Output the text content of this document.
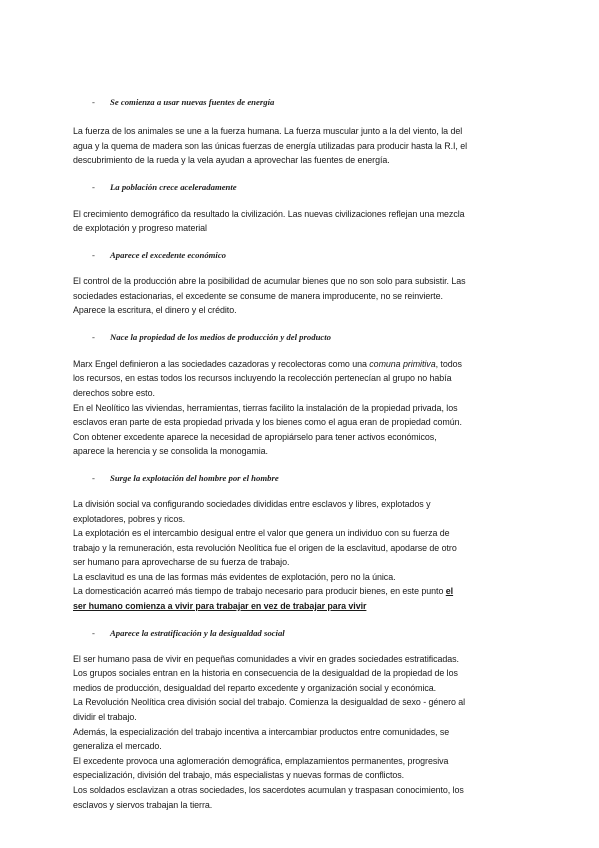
- Se comienza a usar nuevas fuentes de energía
La fuerza de los animales se une a la fuerza humana. La fuerza muscular junto a la del viento, la del
agua y la quema de madera son las únicas fuerzas de energía utilizadas para producir hasta la R.I, el
descubrimiento de la rueda y la vela ayudan a aprovechar las fuentes de energía.
- La población crece aceleradamente
El crecimiento demográfico da resultado la civilización. Las nuevas civilizaciones reflejan una mezcla
de explotación y progreso material
- Aparece el excedente económico
El control de la producción abre la posibilidad de acumular bienes que no son solo para subsistir. Las
sociedades estacionarias, el excedente se consume de manera improducente, no se reinvierte.
Aparece la escritura, el dinero y el crédito.
- Nace la propiedad de los medios de producción y del producto
Marx Engel definieron a las sociedades cazadoras y recolectoras como una comuna primitiva, todos
los recursos, en estas todos los recursos incluyendo la recolección pertenecían al grupo no había
derechos sobre esto.
En el Neolítico las viviendas, herramientas, tierras facilito la instalación de la propiedad privada, los
esclavos eran parte de esta propiedad privada y los bienes como el agua eran de propiedad común.
Con obtener excedente aparece la necesidad de apropiárselo para tener activos económicos,
aparece la herencia y se consolida la monogamia.
- Surge la explotación del hombre por el hombre
La división social va configurando sociedades divididas entre esclavos y libres, explotados y
explotadores, pobres y ricos.
La explotación es el intercambio desigual entre el valor que genera un individuo con su fuerza de
trabajo y la remuneración, esta revolución Neolítica fue el origen de la esclavitud, apodarse de otro
ser humano para aprovecharse de su fuerza de trabajo.
La esclavitud es una de las formas más evidentes de explotación, pero no la única.
La domesticación acarreó más tiempo de trabajo necesario para producir bienes, en este punto el
ser humano comienza a vivir para trabajar en vez de trabajar para vivir
- Aparece la estratificación y la desigualdad social
El ser humano pasa de vivir en pequeñas comunidades a vivir en grades sociedades estratificadas.
Los grupos sociales entran en la historia en consecuencia de la desigualdad de la propiedad de los
medios de producción, desigualdad del reparto excedente y organización social y económica.
La Revolución Neolítica crea división social del trabajo. Comienza la desigualdad de sexo - género al
dividir el trabajo.
Además, la especialización del trabajo incentiva a intercambiar productos entre comunidades, se
generaliza el mercado.
El excedente provoca una aglomeración demográfica, emplazamientos permanentes, progresiva
especialización, división del trabajo, más especialistas y nuevas formas de conflictos.
Los soldados esclavizan a otras sociedades, los sacerdotes acumulan y traspasan conocimiento, los
esclavos y siervos trabajan la tierra.
